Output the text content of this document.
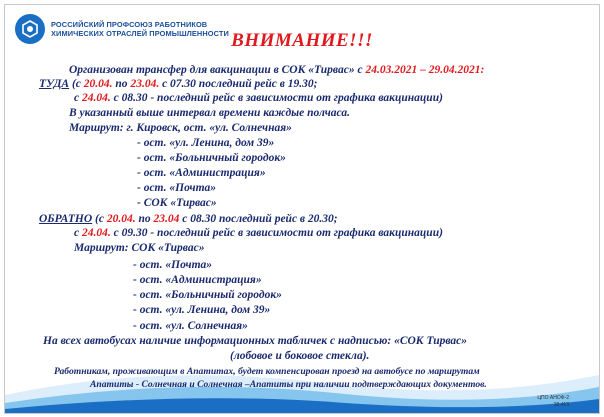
РОССИЙСКИЙ ПРОФСОЮЗ РАБОТНИКОВ
ХИМИЧЕСКИХ ОТРАСЛЕЙ ПРОМЫШЛЕННОСТИ ВНИМАНИЕ!!!
Организован трансфер для вакцинации в СОК «Тирвас» с 24.03.2021 – 29.04.2021:
ТУДА (с 20.04. по 23.04. с 07.30 последний рейс в 19.30;
с 24.04. с 08.30 - последний рейс в зависимости от графика вакцинации)
В указанный выше интервал времени каждые полчаса.
Маршрут: г. Кировск, ост. «ул. Солнечная»
- ост. «ул. Ленина, дом 39»
- ост. «Больничный городок»
- ост. «Администрация»
- ост. «Почта»
- СОК «Тирвас»
ОБРАТНО (с 20.04. по 23.04 с 08.30 последний рейс в 20.30;
с 24.04. с 09.30 - последний рейс в зависимости от графика вакцинации)
Маршрут: СОК «Тирвас»
- ост. «Почта»
- ост. «Администрация»
- ост. «Больничный городок»
- ост. «ул. Ленина, дом 39»
- ост. «ул. Солнечная»
На всех автобусах наличие информационных табличек с надписью: «СОК Тирвас»
(лобовое и боковое стекла).
Работникам, проживающим в Апатитах, будет компенсирован проезд на автобусе по маршрутам
Апатиты - Солнечная и Солнечная –Апатиты при наличии подтверждающих документов.
ЦПО АНОФ-2
38 413
